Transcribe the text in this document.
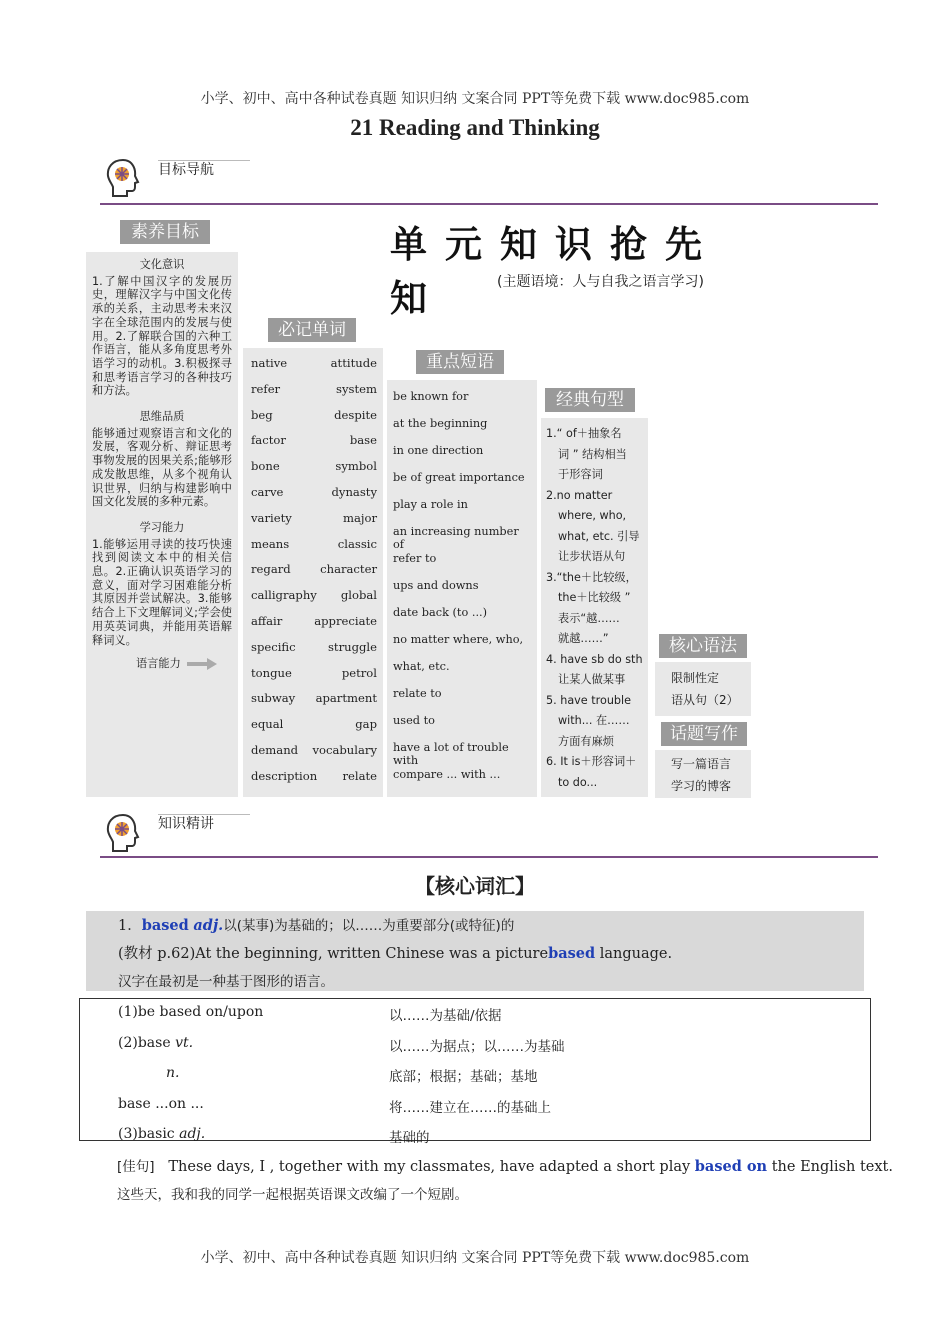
小学、初中、高中各种试卷真题 知识归纳 文案合同 PPT等免费下载 www.doc985.com
21 Reading and Thinking
目标导航
单元知识抢先知	(主题语境：人与自我之语言学习)
素养目标
文化意识
1.了解中国汉字的发展历史，理解汉字与中国文化传承的关系，主动思考未来汉字在全球范围内的发展与使用。2.了解联合国的六种工作语言，能从多角度思考外语学习的动机。3.积极探寻和思考语言学习的各种技巧和方法。
思维品质
能够通过观察语言和文化的发展，客观分析、辩证思考事物发展的因果关系;能够形成发散思维，从多个视角认识世界，归纳与构建影响中国文化发展的多种元素。
学习能力
1.能够运用寻读的技巧快速找到阅读文本中的相关信息。2.正确认识英语学习的意义，面对学习困难能分析其原因并尝试解决。3.能够结合上下文理解词义;学会使用英英词典，并能用英语解释词义。
语言能力
必记单词
native	attitude
refer	system
beg	despite
factor	base
bone	symbol
carve	dynasty
variety	major
means	classic
regard	character
calligraphy global
affair	appreciate
specific	struggle
tongue	petrol
subway apartment
equal	gap
demand vocabulary
description relate
重点短语
be known for
at the beginning
in one direction
be of great importance
play a role in
an increasing number of
refer to
ups and downs
date back (to ...)
no matter where, who,
what, etc.
relate to
used to
have a lot of trouble with
compare ... with ...
经典句型
1.“ of＋抽象名
词 ” 结构相当
于形容词
2.no matter
where, who,
what, etc. 引导
让步状语从句
3.“the＋比较级，
the＋比较级 ”
表示“越……
就越……”
4. have sb do sth
让某人做某事
5. have trouble
with... 在……
方面有麻烦
6. It is＋形容词＋
to do...
核心语法
限制性定
语从句（2）
话题写作
写一篇语言
学习的博客
知识精讲
【核心词汇】
1．based adj.以(某事)为基础的；以……为重要部分(或特征)的
(教材 p.62)At the beginning, written Chinese was a picturebased language.
汉字在最初是一种基于图形的语言。
(1)be based on/upon	以……为基础/依据
(2)base vt.	以……为据点；以……为基础
n.	底部；根据；基础；基地
base ...on ...	将……建立在……的基础上
(3)basic adj.	基础的
[佳句] These days, I , together with my classmates, have adapted a short play based on the English text.
这些天，我和我的同学一起根据英语课文改编了一个短剧。
小学、初中、高中各种试卷真题 知识归纳 文案合同 PPT等免费下载 www.doc985.com
